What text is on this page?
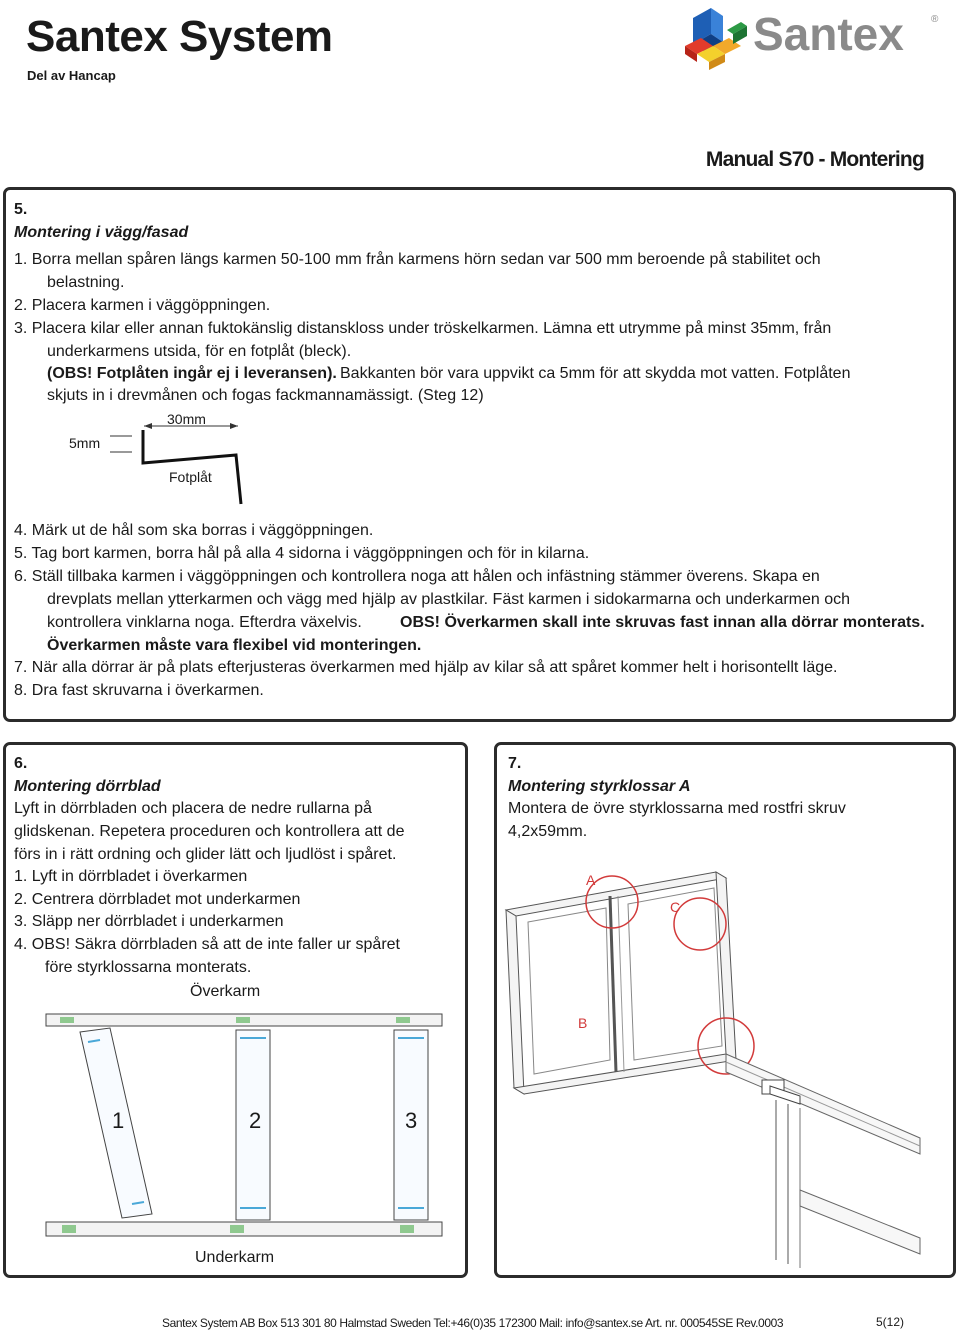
Santex System
Del av Hancap
Santex	®
Manual S70 - Montering
5.
Montering i vägg/fasad
1. Borra mellan spåren längs karmen 50-100 mm från karmens hörn sedan var 500 mm beroende på stabilitet och
belastning.
2. Placera karmen i väggöppningen.
3. Placera kilar eller annan fuktokänslig distanskloss under tröskelkarmen. Lämna ett utrymme på minst 35mm, från
underkarmens utsida, för en fotplåt (bleck).
(OBS! Fotplåten ingår ej i leveransen). Bakkanten bör vara uppvikt ca 5mm för att skydda mot vatten. Fotplåten
skjuts in i drevmånen och fogas fackmannamässigt. (Steg 12)
30mm
5mm
Fotplåt
4. Märk ut de hål som ska borras i väggöppningen.
5. Tag bort karmen, borra hål på alla 4 sidorna i väggöppningen och för in kilarna.
6. Ställ tillbaka karmen i väggöppningen och kontrollera noga att hålen och infästning stämmer överens. Skapa en
drevplats mellan ytterkarmen och vägg med hjälp av plastkilar. Fäst karmen i sidokarmarna och underkarmen och
kontrollera vinklarna noga. Efterdra växelvis. OBS! Överkarmen skall inte skruvas fast innan alla dörrar monterats.
Överkarmen måste vara flexibel vid monteringen.
7. När alla dörrar är på plats efterjusteras överkarmen med hjälp av kilar så att spåret kommer helt i horisontellt läge.
8. Dra fast skruvarna i överkarmen.
6.
Montering dörrblad
Lyft in dörrbladen och placera de nedre rullarna på
glidskenan. Repetera proceduren och kontrollera att de
förs in i rätt ordning och glider lätt och ljudlöst i spåret.
1. Lyft in dörrbladet i överkarmen
2. Centrera dörrbladet mot underkarmen
3. Släpp ner dörrbladet i underkarmen
4. OBS! Säkra dörrbladen så att de inte faller ur spåret
före styrklossarna monterats.
Överkarm
1	2	3
Underkarm
7.
Montering styrklossar A
Montera de övre styrklossarna med rostfri skruv
4,2x59mm.
A
C
B
Santex System AB Box 513 301 80 Halmstad Sweden Tel:+46(0)35 172300 Mail: info@santex.se Art. nr. 000545SE Rev.0003	5(12)
